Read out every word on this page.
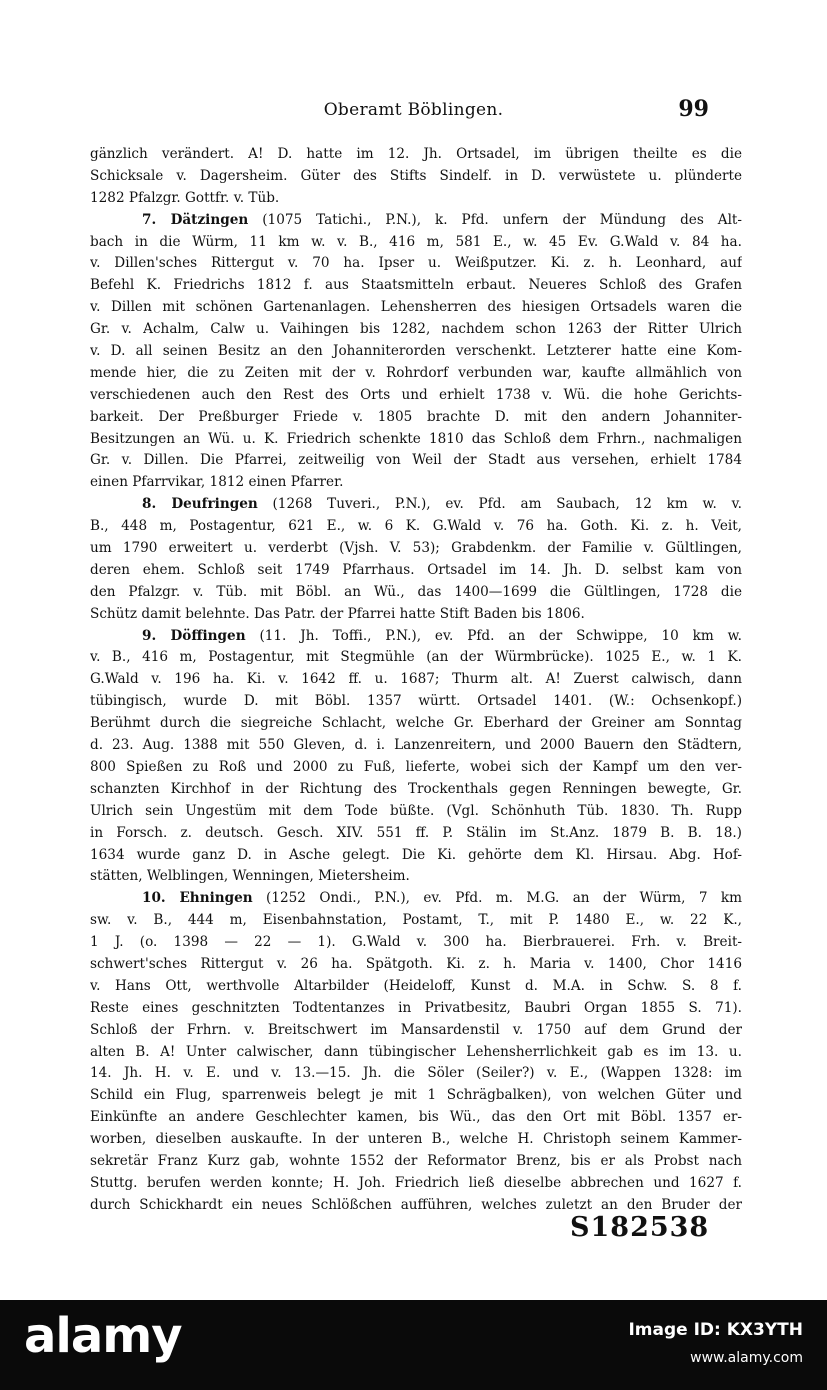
Oberamt Böblingen.	99
gänzlich verändert. A! D. hatte im 12. Jh. Ortsadel, im übrigen theilte es die
Schicksale v. Dagersheim. Güter des Stifts Sindelf. in D. verwüstete u. plünderte
1282 Pfalzgr. Gottfr. v. Tüb.
7. Dätzingen (1075 Tatichi., P.N.), k. Pfd. unfern der Mündung des Alt-
bach in die Würm, 11 km w. v. B., 416 m, 581 E., w. 45 Ev. G.Wald v. 84 ha.
v. Dillen'sches Rittergut v. 70 ha. Ipser u. Weißputzer. Ki. z. h. Leonhard, auf
Befehl K. Friedrichs 1812 f. aus Staatsmitteln erbaut. Neueres Schloß des Grafen
v. Dillen mit schönen Gartenanlagen. Lehensherren des hiesigen Ortsadels waren die
Gr. v. Achalm, Calw u. Vaihingen bis 1282, nachdem schon 1263 der Ritter Ulrich
v. D. all seinen Besitz an den Johanniterorden verschenkt. Letzterer hatte eine Kom-
mende hier, die zu Zeiten mit der v. Rohrdorf verbunden war, kaufte allmählich von
verschiedenen auch den Rest des Orts und erhielt 1738 v. Wü. die hohe Gerichts-
barkeit. Der Preßburger Friede v. 1805 brachte D. mit den andern Johanniter-
Besitzungen an Wü. u. K. Friedrich schenkte 1810 das Schloß dem Frhrn., nachmaligen
Gr. v. Dillen. Die Pfarrei, zeitweilig von Weil der Stadt aus versehen, erhielt 1784
einen Pfarrvikar, 1812 einen Pfarrer.
8. Deufringen (1268 Tuveri., P.N.), ev. Pfd. am Saubach, 12 km w. v.
B., 448 m, Postagentur, 621 E., w. 6 K. G.Wald v. 76 ha. Goth. Ki. z. h. Veit,
um 1790 erweitert u. verderbt (Vjsh. V. 53); Grabdenkm. der Familie v. Gültlingen,
deren ehem. Schloß seit 1749 Pfarrhaus. Ortsadel im 14. Jh. D. selbst kam von
den Pfalzgr. v. Tüb. mit Böbl. an Wü., das 1400—1699 die Gültlingen, 1728 die
Schütz damit belehnte. Das Patr. der Pfarrei hatte Stift Baden bis 1806.
9. Döffingen (11. Jh. Toffi., P.N.), ev. Pfd. an der Schwippe, 10 km w.
v. B., 416 m, Postagentur, mit Stegmühle (an der Würmbrücke). 1025 E., w. 1 K.
G.Wald v. 196 ha. Ki. v. 1642 ff. u. 1687; Thurm alt. A! Zuerst calwisch, dann
tübingisch, wurde D. mit Böbl. 1357 württ. Ortsadel 1401. (W.: Ochsenkopf.)
Berühmt durch die siegreiche Schlacht, welche Gr. Eberhard der Greiner am Sonntag
d. 23. Aug. 1388 mit 550 Gleven, d. i. Lanzenreitern, und 2000 Bauern den Städtern,
800 Spießen zu Roß und 2000 zu Fuß, lieferte, wobei sich der Kampf um den ver-
schanzten Kirchhof in der Richtung des Trockenthals gegen Renningen bewegte, Gr.
Ulrich sein Ungestüm mit dem Tode büßte. (Vgl. Schönhuth Tüb. 1830. Th. Rupp
in Forsch. z. deutsch. Gesch. XIV. 551 ff. P. Stälin im St.Anz. 1879 B. B. 18.)
1634 wurde ganz D. in Asche gelegt. Die Ki. gehörte dem Kl. Hirsau. Abg. Hof-
stätten, Welblingen, Wenningen, Mietersheim.
10. Ehningen (1252 Ondi., P.N.), ev. Pfd. m. M.G. an der Würm, 7 km
sw. v. B., 444 m, Eisenbahnstation, Postamt, T., mit P. 1480 E., w. 22 K.,
1 J. (o. 1398 — 22 — 1). G.Wald v. 300 ha. Bierbrauerei. Frh. v. Breit-
schwert'sches Rittergut v. 26 ha. Spätgoth. Ki. z. h. Maria v. 1400, Chor 1416
v. Hans Ott, werthvolle Altarbilder (Heideloff, Kunst d. M.A. in Schw. S. 8 f.
Reste eines geschnitzten Todtentanzes in Privatbesitz, Baubri Organ 1855 S. 71).
Schloß der Frhrn. v. Breitschwert im Mansardenstil v. 1750 auf dem Grund der
alten B. A! Unter calwischer, dann tübingischer Lehensherrlichkeit gab es im 13. u.
14. Jh. H. v. E. und v. 13.—15. Jh. die Söler (Seiler?) v. E., (Wappen 1328: im
Schild ein Flug, sparrenweis belegt je mit 1 Schrägbalken), von welchen Güter und
Einkünfte an andere Geschlechter kamen, bis Wü., das den Ort mit Böbl. 1357 er-
worben, dieselben auskaufte. In der unteren B., welche H. Christoph seinem Kammer-
sekretär Franz Kurz gab, wohnte 1552 der Reformator Brenz, bis er als Probst nach
Stuttg. berufen werden konnte; H. Joh. Friedrich ließ dieselbe abbrechen und 1627 f.
durch Schickhardt ein neues Schlößchen aufführen, welches zuletzt an den Bruder der
S182538
alamy	Image ID: KX3YTH
www.alamy.com
